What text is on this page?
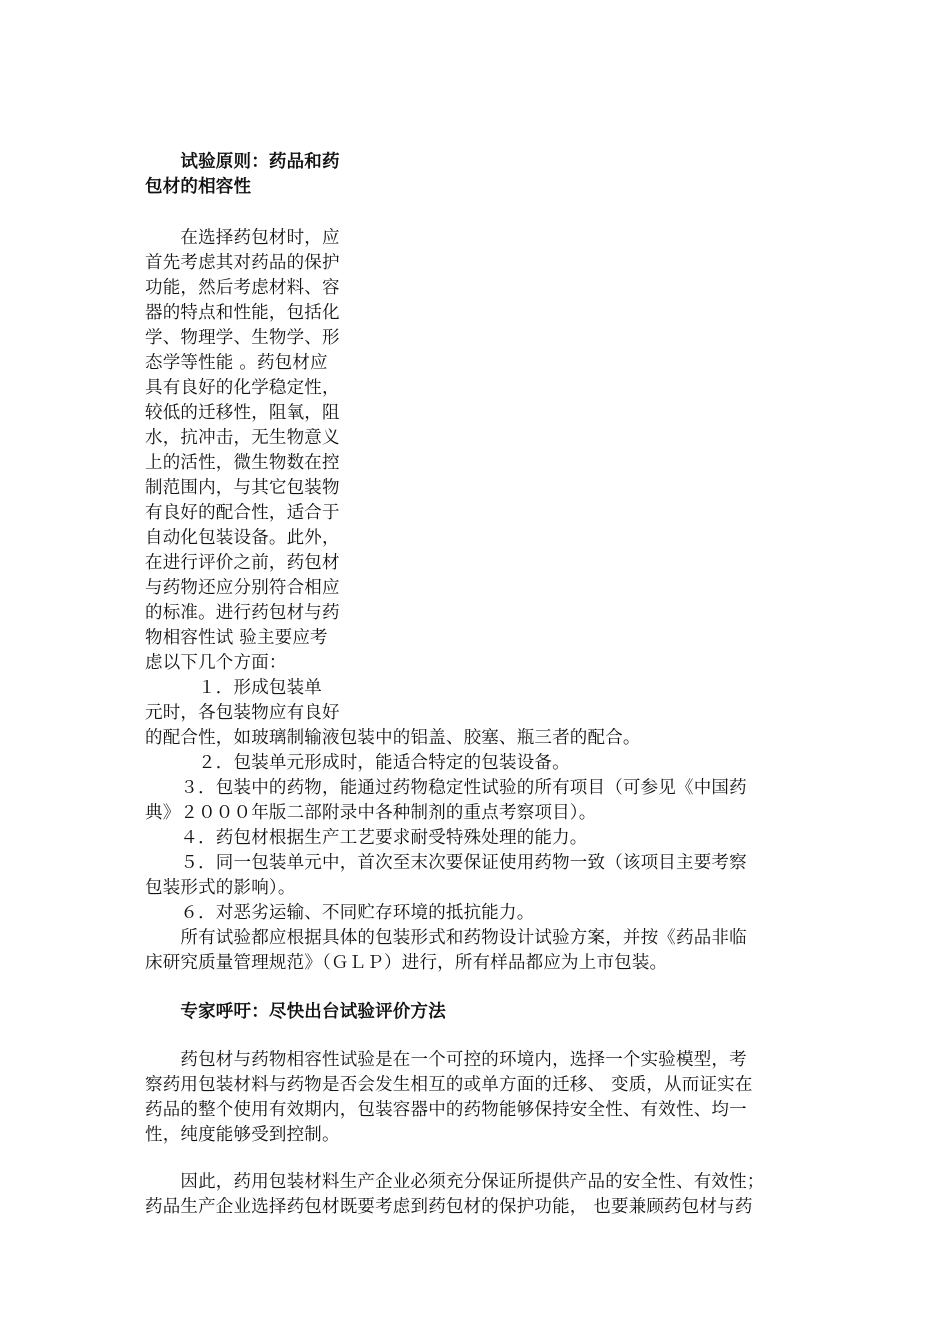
　　试验原则：药品和药
包材的相容性
　　在选择药包材时，应
首先考虑其对药品的保护
功能，然后考虑材料、容
器的特点和性能，包括化
学、物理学、生物学、形
态学等性能 。药包材应
具有良好的化学稳定性，
较低的迁移性，阻氧，阻
水，抗冲击，无生物意义
上的活性，微生物数在控
制范围内，与其它包装物
有良好的配合性，适合于
自动化包装设备。此外，
在进行评价之前，药包材
与药物还应分别符合相应
的标准。进行药包材与药
物相容性试 验主要应考
虑以下几个方面：
　　　１．形成包装单
元时，各包装物应有良好
的配合性，如玻璃制输液包装中的铝盖、胶塞、瓶三者的配合。
　　　２．包装单元形成时，能适合特定的包装设备。
　　３．包装中的药物，能通过药物稳定性试验的所有项目（可参见《中国药
典》２０００年版二部附录中各种制剂的重点考察项目）。
　　４．药包材根据生产工艺要求耐受特殊处理的能力。
　　５．同一包装单元中，首次至末次要保证使用药物一致（该项目主要考察
包装形式的影响）。
　　６．对恶劣运输、不同贮存环境的抵抗能力。
　　所有试验都应根据具体的包装形式和药物设计试验方案，并按《药品非临
床研究质量管理规范》（ＧＬＰ）进行，所有样品都应为上市包装。
　　专家呼吁：尽快出台试验评价方法
　　药包材与药物相容性试验是在一个可控的环境内，选择一个实验模型，考
察药用包装材料与药物是否会发生相互的或单方面的迁移、 变质，从而证实在
药品的整个使用有效期内，包装容器中的药物能够保持安全性、有效性、均一
性，纯度能够受到控制。
　　因此，药用包装材料生产企业必须充分保证所提供产品的安全性、有效性；
药品生产企业选择药包材既要考虑到药包材的保护功能， 也要兼顾药包材与药
